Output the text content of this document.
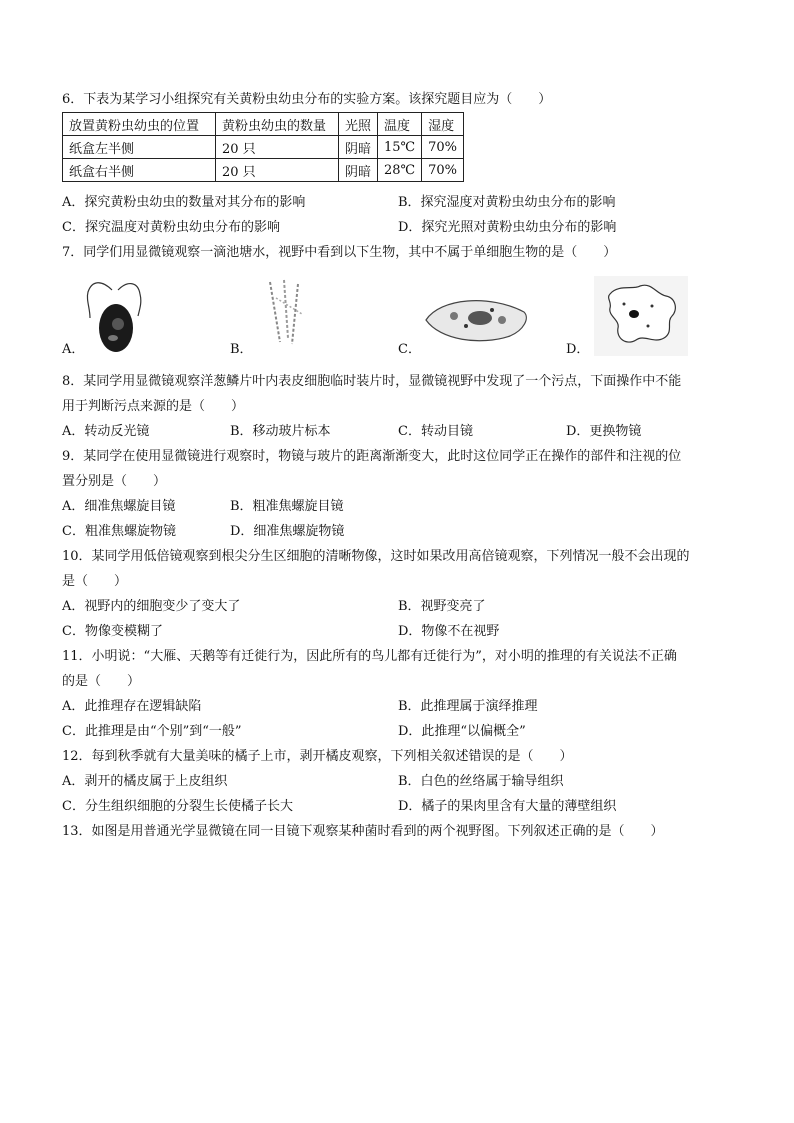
6．下表为某学习小组探究有关黄粉虫幼虫分布的实验方案。该探究题目应为（　　）
放置黄粉虫幼虫的位置	黄粉虫幼虫的数量	光照	温度	湿度
纸盒左半侧	20 只	阴暗	15℃	70%
纸盒右半侧	20 只	阴暗	28℃	70%
A．探究黄粉虫幼虫的数量对其分布的影响	B．探究湿度对黄粉虫幼虫分布的影响
C．探究温度对黄粉虫幼虫分布的影响	D．探究光照对黄粉虫幼虫分布的影响
7．同学们用显微镜观察一滴池塘水，视野中看到以下生物，其中不属于单细胞生物的是（　　）
A．	B．	C．	D．
8．某同学用显微镜观察洋葱鳞片叶内表皮细胞临时装片时，显微镜视野中发现了一个污点，下面操作中不能
用于判断污点来源的是（　　）
A．转动反光镜	B．移动玻片标本	C．转动目镜	D．更换物镜
9．某同学在使用显微镜进行观察时，物镜与玻片的距离渐渐变大，此时这位同学正在操作的部件和注视的位
置分别是（　　）
A．细准焦螺旋目镜	B．粗准焦螺旋目镜
C．粗准焦螺旋物镜	D．细准焦螺旋物镜
10．某同学用低倍镜观察到根尖分生区细胞的清晰物像，这时如果改用高倍镜观察，下列情况一般不会出现的
是（　　）
A．视野内的细胞变少了变大了	B．视野变亮了
C．物像变模糊了	D．物像不在视野
11．小明说：“大雁、天鹅等有迁徙行为，因此所有的鸟儿都有迁徙行为”，对小明的推理的有关说法不正确
的是（　　）
A．此推理存在逻辑缺陷	B．此推理属于演绎推理
C．此推理是由“个别”到“一般”	D．此推理“以偏概全”
12．每到秋季就有大量美味的橘子上市，剥开橘皮观察，下列相关叙述错误的是（　　）
A．剥开的橘皮属于上皮组织	B．白色的丝络属于输导组织
C．分生组织细胞的分裂生长使橘子长大	D．橘子的果肉里含有大量的薄壁组织
13．如图是用普通光学显微镜在同一目镜下观察某种菌时看到的两个视野图。下列叙述正确的是（　　）
